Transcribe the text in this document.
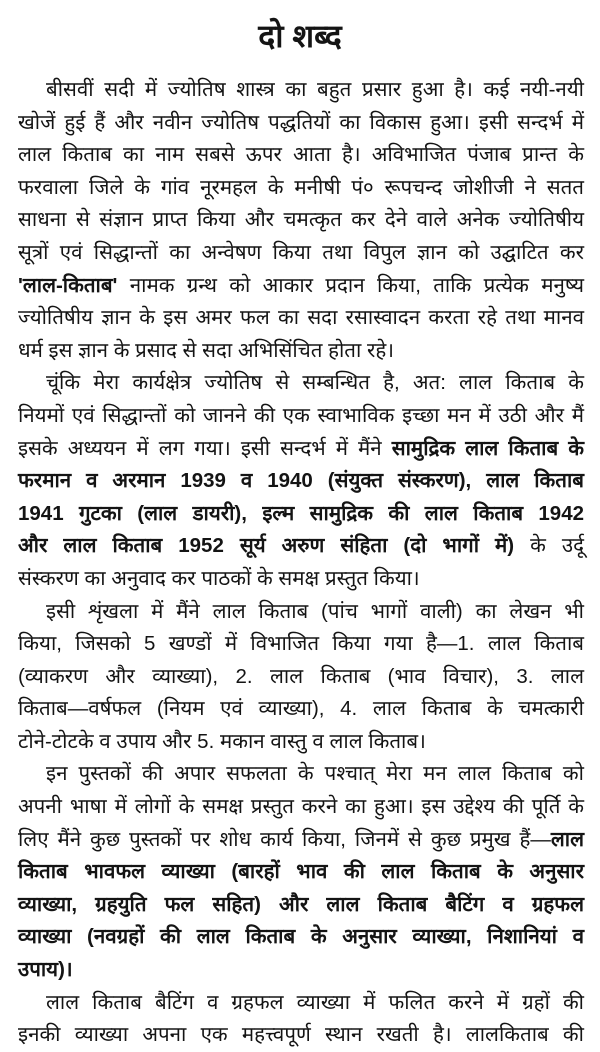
दो शब्द
बीसवीं सदी में ज्योतिष शास्त्र का बहुत प्रसार हुआ है। कई नयी-नयी
खोजें हुई हैं और नवीन ज्योतिष पद्धतियों का विकास हुआ। इसी सन्दर्भ में
लाल किताब का नाम सबसे ऊपर आता है। अविभाजित पंजाब प्रान्त के
फरवाला जिले के गांव नूरमहल के मनीषी पं० रूपचन्द जोशीजी ने सतत
साधना से संज्ञान प्राप्त किया और चमत्कृत कर देने वाले अनेक ज्योतिषीय
सूत्रों एवं सिद्धान्तों का अन्वेषण किया तथा विपुल ज्ञान को उद्घाटित कर
'लाल-किताब' नामक ग्रन्थ को आकार प्रदान किया, ताकि प्रत्येक मनुष्य
ज्योतिषीय ज्ञान के इस अमर फल का सदा रसास्वादन करता रहे तथा मानव
धर्म इस ज्ञान के प्रसाद से सदा अभिसिंचित होता रहे।
चूंकि मेरा कार्यक्षेत्र ज्योतिष से सम्बन्धित है, अत: लाल किताब के
नियमों एवं सिद्धान्तों को जानने की एक स्वाभाविक इच्छा मन में उठी और मैं
इसके अध्ययन में लग गया। इसी सन्दर्भ में मैंने सामुद्रिक लाल किताब के
फरमान व अरमान 1939 व 1940 (संयुक्त संस्करण), लाल किताब
1941 गुटका (लाल डायरी), इल्म सामुद्रिक की लाल किताब 1942
और लाल किताब 1952 सूर्य अरुण संहिता (दो भागों में) के उर्दू
संस्करण का अनुवाद कर पाठकों के समक्ष प्रस्तुत किया।
इसी शृंखला में मैंने लाल किताब (पांच भागों वाली) का लेखन भी
किया, जिसको 5 खण्डों में विभाजित किया गया है—1. लाल किताब
(व्याकरण और व्याख्या), 2. लाल किताब (भाव विचार), 3. लाल
किताब—वर्षफल (नियम एवं व्याख्या), 4. लाल किताब के चमत्कारी
टोने-टोटके व उपाय और 5. मकान वास्तु व लाल किताब।
इन पुस्तकों की अपार सफलता के पश्चात् मेरा मन लाल किताब को
अपनी भाषा में लोगों के समक्ष प्रस्तुत करने का हुआ। इस उद्देश्य की पूर्ति के
लिए मैंने कुछ पुस्तकों पर शोध कार्य किया, जिनमें से कुछ प्रमुख हैं—लाल
किताब भावफल व्याख्या (बारहों भाव की लाल किताब के अनुसार
व्याख्या, ग्रहयुति फल सहित) और लाल किताब बैटिंग व ग्रहफल
व्याख्या (नवग्रहों की लाल किताब के अनुसार व्याख्या, निशानियां व
उपाय)।
लाल किताब बैटिंग व ग्रहफल व्याख्या में फलित करने में ग्रहों की
इनकी व्याख्या अपना एक महत्त्वपूर्ण स्थान रखती है। लालकिताब की
